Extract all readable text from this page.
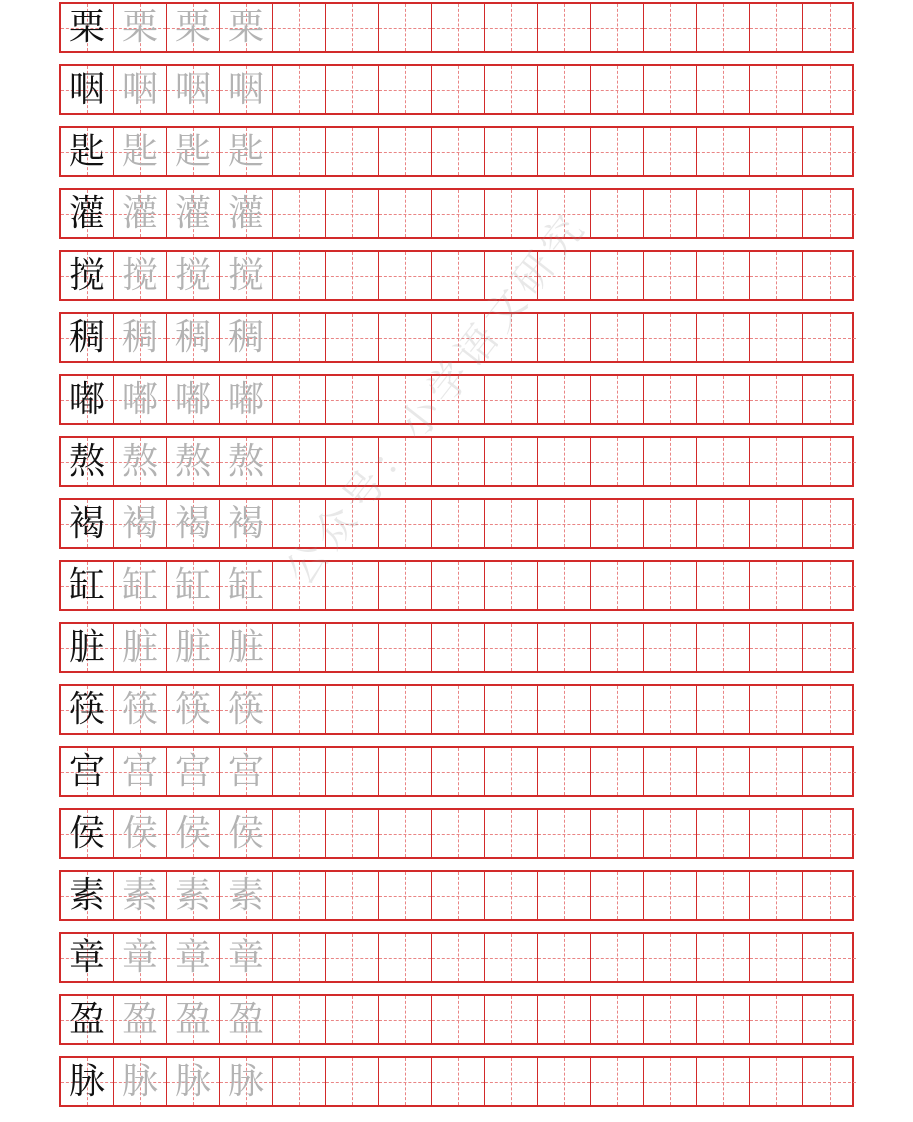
栗 栗 栗 栗
咽 咽 咽 咽
匙 匙 匙 匙
灌 灌 灌 灌
搅 搅 搅 搅
稠 稠 稠 稠
嘟 嘟 嘟 嘟
熬 熬 熬 熬
褐 褐 褐 褐
缸 缸 缸 缸
脏 脏 脏 脏
筷 筷 筷 筷
宫 宫 宫 宫
侯 侯 侯 侯
素 素 素 素
章 章 章 章
盈 盈 盈 盈
脉 脉 脉 脉
公众号：小学语文研究
